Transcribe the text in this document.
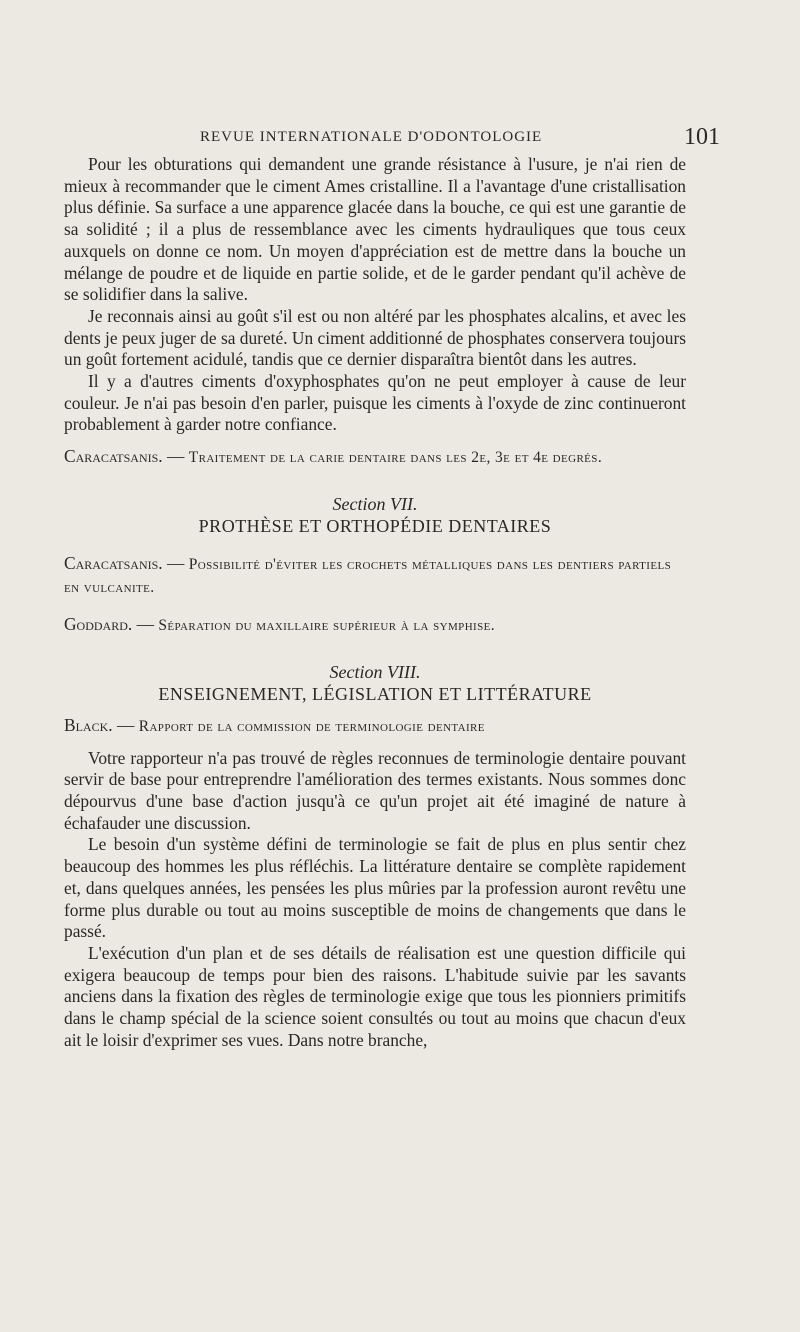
REVUE INTERNATIONALE D'ODONTOLOGIE	101

Pour les obturations qui demandent une grande résistance à l'usure, je n'ai rien de mieux à recommander que le ciment Ames cristalline. Il a l'avantage d'une cristallisation plus définie. Sa surface a une apparence glacée dans la bouche, ce qui est une garantie de sa solidité ; il a plus de ressemblance avec les ciments hydrauliques que tous ceux auxquels on donne ce nom. Un moyen d'appréciation est de mettre dans la bouche un mélange de poudre et de liquide en partie solide, et de le garder pendant qu'il achève de se solidifier dans la salive.

Je reconnais ainsi au goût s'il est ou non altéré par les phosphates alcalins, et avec les dents je peux juger de sa dureté. Un ciment additionné de phosphates conservera toujours un goût fortement acidulé, tandis que ce dernier disparaîtra bientôt dans les autres.

Il y a d'autres ciments d'oxyphosphates qu'on ne peut employer à cause de leur couleur. Je n'ai pas besoin d'en parler, puisque les ciments à l'oxyde de zinc continueront probablement à garder notre confiance.

Caracatsanis. — Traitement de la carie dentaire dans les 2e, 3e et 4e degrés.
Section VII.
PROTHÈSE ET ORTHOPÉDIE DENTAIRES
Caracatsanis. — Possibilité d'éviter les crochets métalliques dans les dentiers partiels en vulcanite.
Goddard. — Séparation du maxillaire supérieur à la symphise.
Section VIII.
ENSEIGNEMENT, LÉGISLATION ET LITTÉRATURE
Black. — Rapport de la commission de terminologie dentaire

Votre rapporteur n'a pas trouvé de règles reconnues de terminologie dentaire pouvant servir de base pour entreprendre l'amélioration des termes existants. Nous sommes donc dépourvus d'une base d'action jusqu'à ce qu'un projet ait été imaginé de nature à échafauder une discussion.

Le besoin d'un système défini de terminologie se fait de plus en plus sentir chez beaucoup des hommes les plus réfléchis. La littérature dentaire se complète rapidement et, dans quelques années, les pensées les plus mûries par la profession auront revêtu une forme plus durable ou tout au moins susceptible de moins de changements que dans le passé.

L'exécution d'un plan et de ses détails de réalisation est une question difficile qui exigera beaucoup de temps pour bien des raisons. L'habitude suivie par les savants anciens dans la fixation des règles de terminologie exige que tous les pionniers primitifs dans le champ spécial de la science soient consultés ou tout au moins que chacun d'eux ait le loisir d'exprimer ses vues. Dans notre branche,
